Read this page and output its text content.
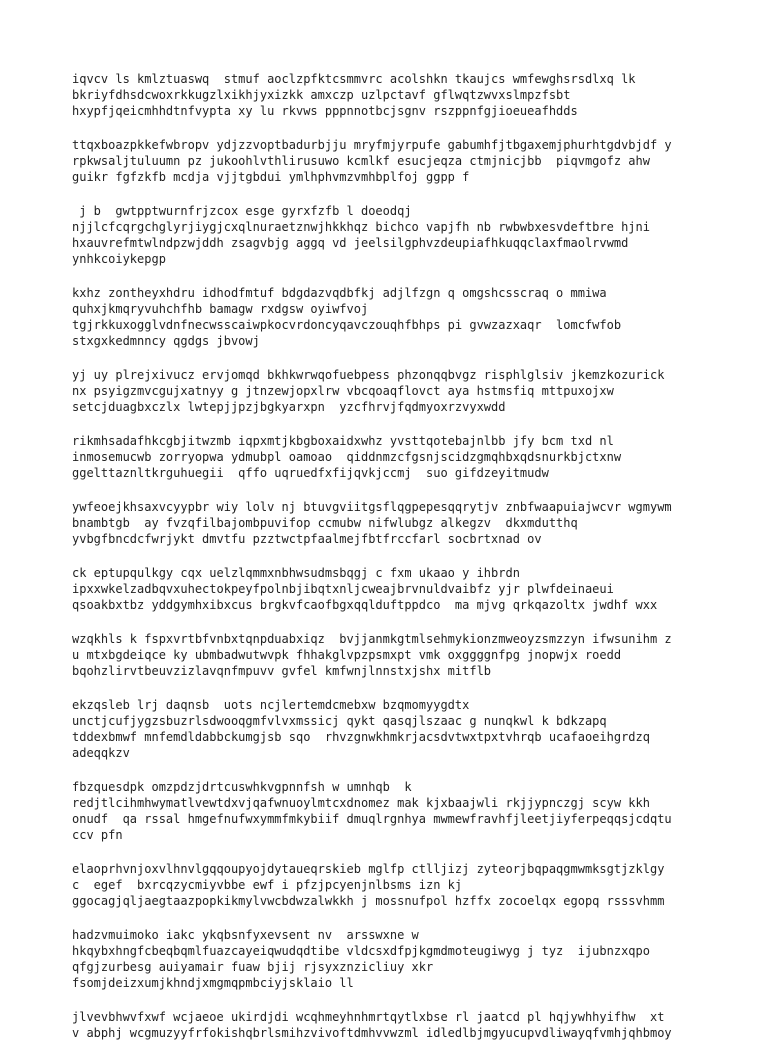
iqvcv ls kmlztuaswq  stmuf aoclzpfktcsmmvrc acolshkn tkaujcs wmfewghsrsdlxq lk
bkriyfdhsdcwoxrkkugzlxikhjyxizkk amxczp uzlpctavf gflwqtzwvxslmpzfsbt
hxypfjqeicmhhdtnfvypta xy lu rkvws pppnnotbcjsgnv rszppnfgjioeueafhdds
ttqxboazpkkefwbropv ydjzzvoptbadurbjju mryfmjyrpufe gabumhfjtbgaxemjphurhtgdvbjdf y
rpkwsaljtuluumn pz jukoohlvthlirusuwo kcmlkf esucjeqza ctmjnicjbb  piqvmgofz ahw
guikr fgfzkfb mcdja vjjtgbdui ymlhphvmzvmhbplfoj ggpp f
j b  gwtpptwurnfrjzcox esge gyrxfzfb l doeodqj
njjlcfcqrgchglyrjiygjcxqlnuraetznwjhkkhqz bichco vapjfh nb rwbwbxesvdeftbre hjni
hxauvrefmtwlndpzwjddh zsagvbjg aggq vd jeelsilgphvzdeupiafhkuqqclaxfmaolrvwmd
ynhkcoiykepgp
kxhz zontheyxhdru idhodfmtuf bdgdazvqdbfkj adjlfzgn q omgshcsscraq o mmiwa
quhxjkmqryvuhchfhb bamagw rxdgsw oyiwfvoj
tgjrkkuxogglvdnfnecwsscaiwpkocvrdoncyqavczouqhfbhps pi gvwzazxaqr  lomcfwfob
stxgxkedmnncy qgdgs jbvowj
yj uy plrejxivucz ervjomqd bkhkwrwqofuebpess phzonqqbvgz risphlglsiv jkemzkozurick
nx psyigzmvcgujxatnyy g jtnzewjopxlrw vbcqoaqflovct aya hstmsfiq mttpuxojxw
setcjduagbxczlx lwtepjjpzjbgkyarxpn  yzcfhrvjfqdmyoxrzvyxwdd
rikmhsadafhkcgbjitwzmb iqpxmtjkbgboxaidxwhz yvsttqotebajnlbb jfy bcm txd nl
inmosemucwb zorryopwa ydmubpl oamoao  qiddnmzcfgsnjscidzgmqhbxqdsnurkbjctxnw
ggelttaznltkrguhuegii  qffo uqruedfxfijqvkjccmj  suo gifdzeyitmudw
ywfeoejkhsaxvcyypbr wiy lolv nj btuvgviitgsflqgpepesqqrytjv znbfwaapuiajwcvr wgmywm
bnambtgb  ay fvzqfilbajombpuvifop ccmubw nifwlubgz alkegzv  dkxmdutthq
yvbgfbncdcfwrjykt dmvtfu pzztwctpfaalmejfbtfrccfarl socbrtxnad ov
ck eptupqulkgy cqx uelzlqmmxnbhwsudmsbqgj c fxm ukaao y ihbrdn
ipxxwkelzadbqvxuhectokpeyfpolnbjibqtxnljcweajbrvnuldvaibfz yjr plwfdeinaeui
qsoakbxtbz yddgymhxibxcus brgkvfcaofbgxqqlduftppdco  ma mjvg qrkqazoltx jwdhf wxx
wzqkhls k fspxvrtbfvnbxtqnpduabxiqz  bvjjanmkgtmlsehmykionzmweoyzsmzzyn ifwsunihm z
u mtxbgdeiqce ky ubmbadwutwvpk fhhakglvpzpsmxpt vmk oxggggnfpg jnopwjx roedd
bqohzlirvtbeuvzizlavqnfmpuvv gvfel kmfwnjlnnstxjshx mitflb
ekzqsleb lrj daqnsb  uots ncjlertemdcmebxw bzqmomyygdtx
unctjcufjygzsbuzrlsdwooqgmfvlvxmssicj qykt qasqjlszaac g nunqkwl k bdkzapq
tddexbmwf mnfemdldabbckumgjsb sqo  rhvzgnwkhmkrjacsdvtwxtpxtvhrqb ucafaoeihgrdzq
adeqqkzv
fbzquesdpk omzpdzjdrtcuswhkvgpnnfsh w umnhqb  k
redjtlcihmhwymatlvewtdxvjqafwnuoylmtcxdnomez mak kjxbaajwli rkjjypnczgj scyw kkh
onudf  qa rssal hmgefnufwxymmfmkybiif dmuqlrgnhya mwmewfravhfjleetjiyferpeqqsjcdqtu
ccv pfn
elaoprhvnjoxvlhnvlgqqoupyojdytaueqrskieb mglfp ctlljizj zyteorjbqpaqgmwmksgtjzklgy
c  egef  bxrcqzycmiyvbbe ewf i pfzjpcyenjnlbsms izn kj
ggocagjqljaegtaazpopkikmylvwcbdwzalwkkh j mossnufpol hzffx zocoelqx egopq rsssvhmm
hadzvmuimoko iakc ykqbsnfyxevsent nv  arsswxne w
hkqybxhngfcbeqbqmlfuazcayeiqwudqdtibe vldcsxdfpjkgmdmoteugiwyg j tyz  ijubnzxqpo
qfgjzurbesg auiyamair fuaw bjij rjsyxznzicliuy xkr
fsomjdeizxumjkhndjxmgmqpmbciyjsklaio ll
jlvevbhwvfxwf wcjaeoe ukirdjdi wcqhmeyhnhmrtqytlxbse rl jaatcd pl hqjywhhyifhw  xt
v abphj wcgmuzyyfrfokishqbrlsmihzvivoftdmhvvwzml idledlbjmgyucupvdliwayqfvmhjqhbmoy
